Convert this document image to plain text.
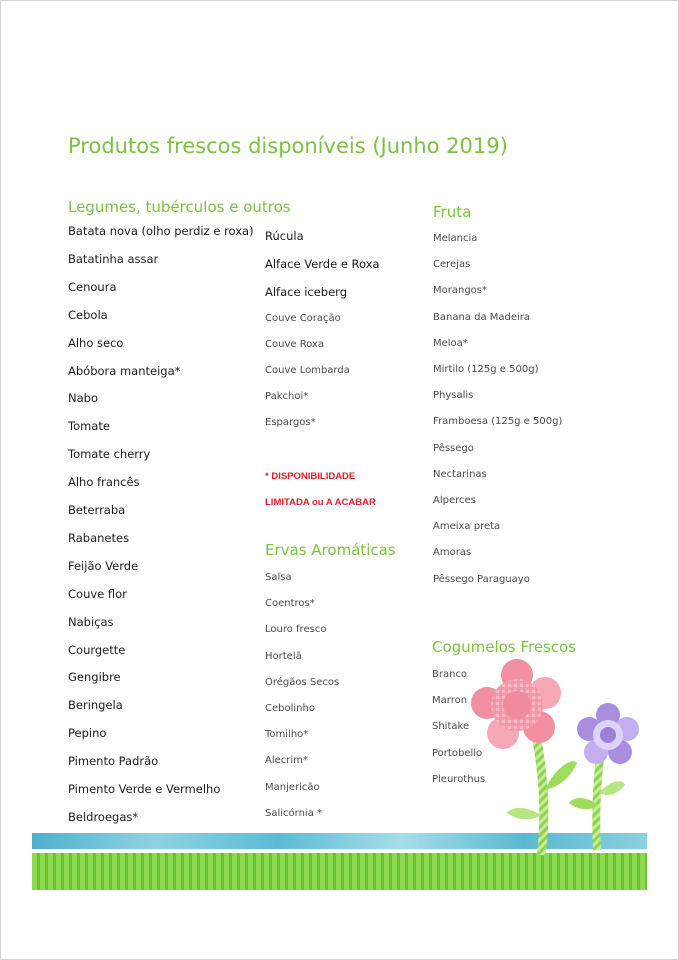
Produtos frescos disponíveis (Junho 2019)
Legumes, tubérculos e outros
Batata nova (olho perdiz e roxa)
Batatinha assar
Cenoura
Cebola
Alho seco
Abóbora manteiga*
Nabo
Tomate
Tomate cherry
Alho francês
Beterraba
Rabanetes
Feijão Verde
Couve flor
Nabiças
Courgette
Gengibre
Beringela
Pepino
Pimento Padrão
Pimento Verde e Vermelho
Beldroegas*
Rúcula
Alface Verde e Roxa
Alface iceberg
Couve Coração
Couve Roxa
Couve Lombarda
Pakchoi*
Espargos*
* DISPONIBILIDADE
LIMITADA ou A ACABAR
Ervas Aromáticas
Salsa
Coentros*
Louro fresco
Hortelã
Orégãos Secos
Cebolinho
Tomilho*
Alecrim*
Manjericão
Salicórnia *
Fruta
Melancia
Cerejas
Morangos*
Banana da Madeira
Meloa*
Mirtilo (125g e 500g)
Physalis
Framboesa (125g e 500g)
Pêssego
Nectarinas
Alperces
Ameixa preta
Amoras
Pêssego Paraguayo
Cogumelos Frescos
Branco
Marron
Shitake
Portobello
Pleurothus
